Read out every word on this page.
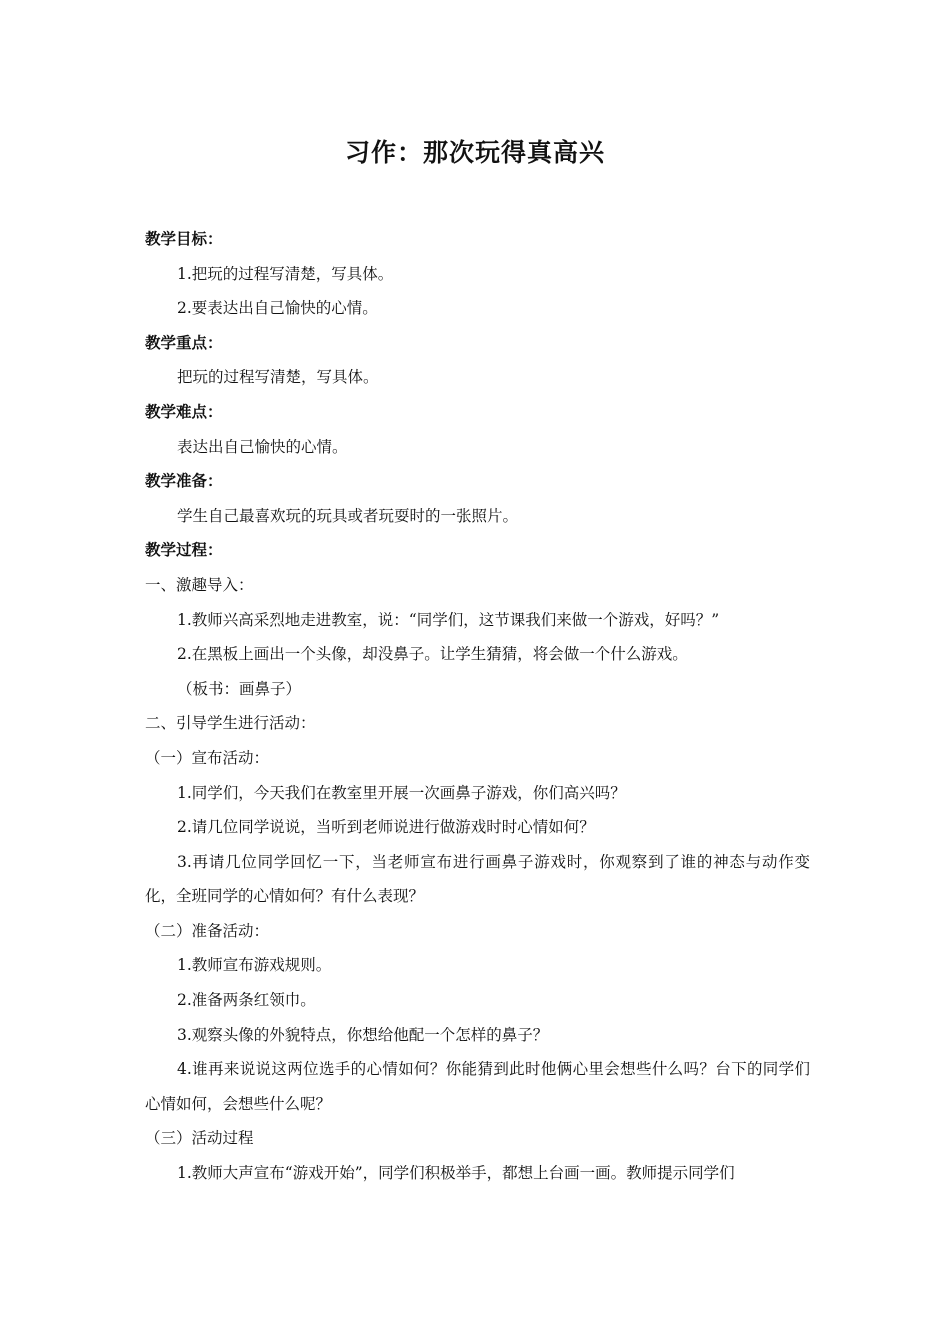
习作：那次玩得真高兴

教学目标：

1.把玩的过程写清楚，写具体。

2.要表达出自己愉快的心情。

教学重点：

把玩的过程写清楚，写具体。

教学难点：

表达出自己愉快的心情。

教学准备：

学生自己最喜欢玩的玩具或者玩耍时的一张照片。

教学过程：

一、激趣导入：

1.教师兴高采烈地走进教室，说：“同学们，这节课我们来做一个游戏，好吗？”

2.在黑板上画出一个头像，却没鼻子。让学生猜猜，将会做一个什么游戏。

（板书：画鼻子）

二、引导学生进行活动：

（一）宣布活动：

1.同学们，今天我们在教室里开展一次画鼻子游戏，你们高兴吗？

2.请几位同学说说，当听到老师说进行做游戏时时心情如何？

3.再请几位同学回忆一下，当老师宣布进行画鼻子游戏时，你观察到了谁的神态与动作变化，全班同学的心情如何？有什么表现？

（二）准备活动：

1.教师宣布游戏规则。

2.准备两条红领巾。

3.观察头像的外貌特点，你想给他配一个怎样的鼻子？

4.谁再来说说这两位选手的心情如何？你能猜到此时他俩心里会想些什么吗？台下的同学们心情如何，会想些什么呢？

（三）活动过程

1.教师大声宣布“游戏开始”，同学们积极举手，都想上台画一画。教师提示同学们
